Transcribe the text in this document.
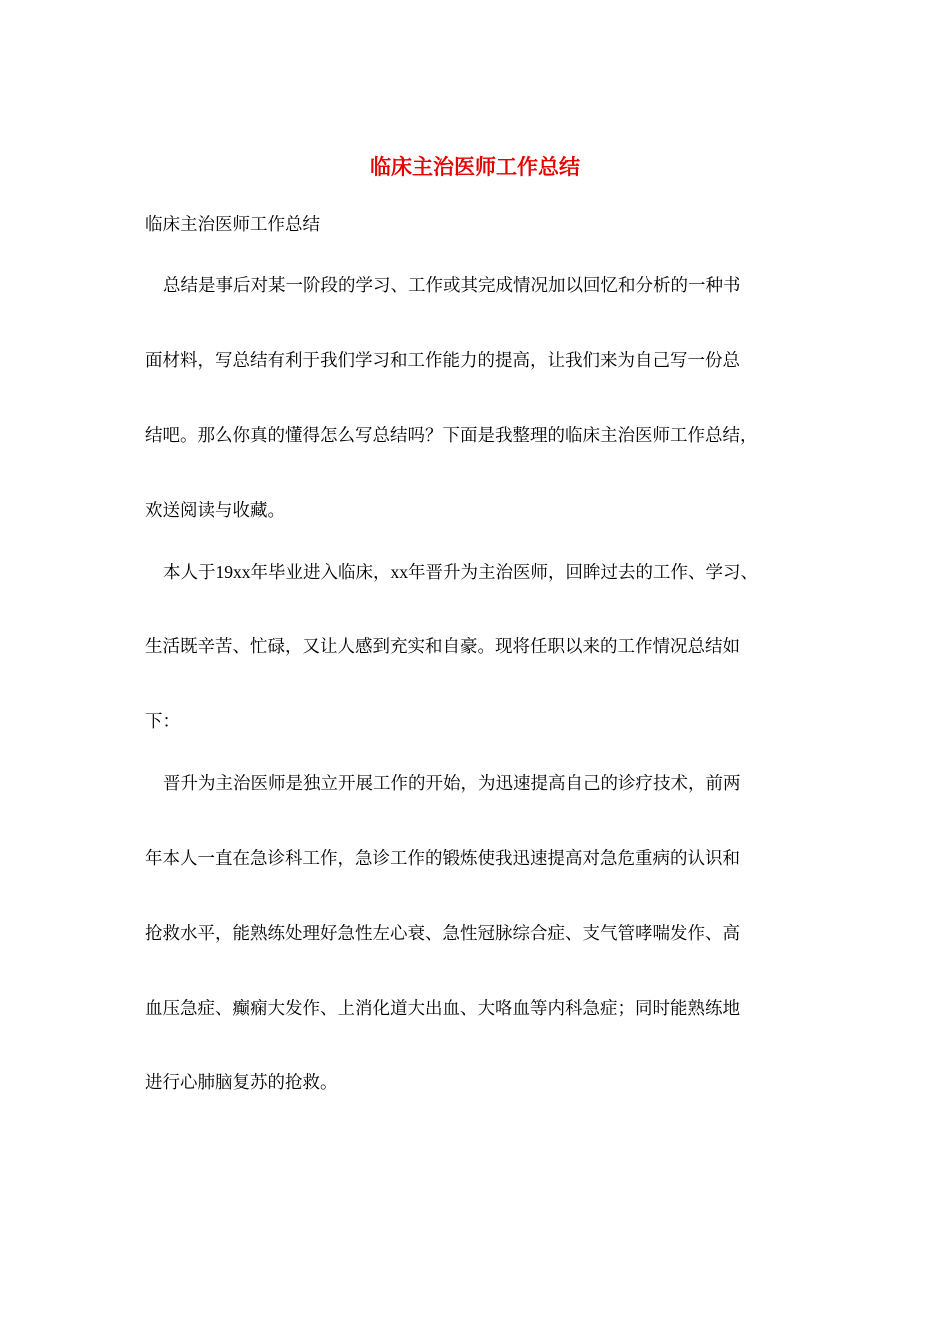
临床主治医师工作总结
临床主治医师工作总结
总结是事后对某一阶段的学习、工作或其完成情况加以回忆和分析的一种书
面材料，写总结有利于我们学习和工作能力的提高，让我们来为自己写一份总
结吧。那么你真的懂得怎么写总结吗？下面是我整理的临床主治医师工作总结，
欢送阅读与收藏。
本人于19xx年毕业进入临床，xx年晋升为主治医师，回眸过去的工作、学习、
生活既辛苦、忙碌，又让人感到充实和自豪。现将任职以来的工作情况总结如
下：
晋升为主治医师是独立开展工作的开始，为迅速提高自己的诊疗技术，前两
年本人一直在急诊科工作，急诊工作的锻炼使我迅速提高对急危重病的认识和
抢救水平，能熟练处理好急性左心衰、急性冠脉综合症、支气管哮喘发作、高
血压急症、癫痫大发作、上消化道大出血、大咯血等内科急症；同时能熟练地
进行心肺脑复苏的抢救。
